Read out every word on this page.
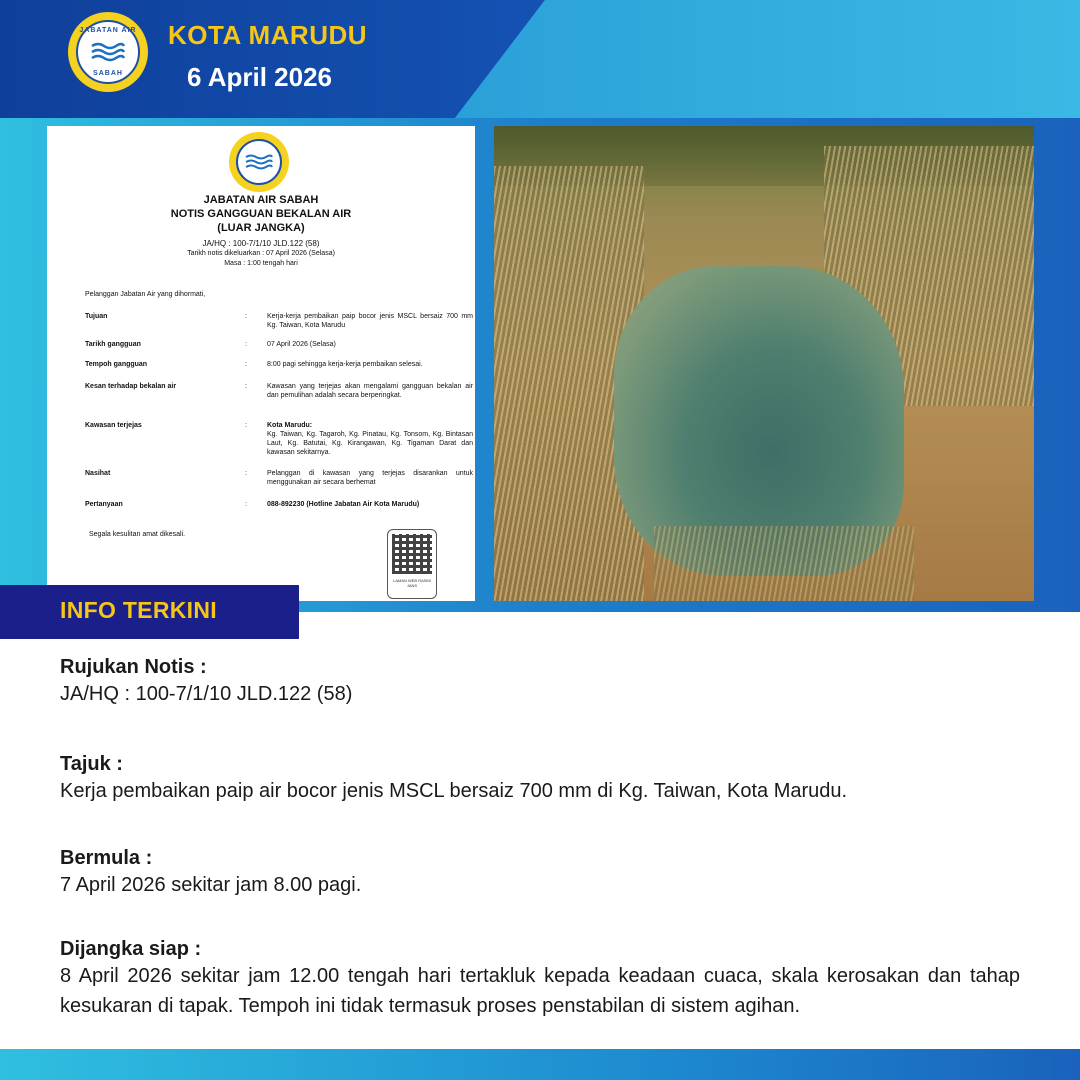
JABATAN AIR
SABAH
KOTA MARUDU
6 April 2026
JABATAN AIR SABAH
NOTIS GANGGUAN BEKALAN AIR
(LUAR JANGKA)
JA/HQ : 100-7/1/10 JLD.122 (58)
Tarikh notis dikeluarkan : 07 April 2026 (Selasa)
Masa : 1:00 tengah hari
Pelanggan Jabatan Air yang dihormati,
Tujuan	:	Kerja-kerja pembaikan paip bocor jenis MSCL bersaiz 700 mm Kg. Taiwan, Kota Marudu
Tarikh gangguan	:	07 April 2026 (Selasa)
Tempoh gangguan	:	8:00 pagi sehingga kerja-kerja pembaikan selesai.
Kesan terhadap bekalan air	:	Kawasan yang terjejas akan mengalami gangguan bekalan air dan pemulihan adalah secara berperingkat.
Kawasan terjejas	:	Kota Marudu:
Kg. Taiwan, Kg. Tagaroh, Kg. Pinatau, Kg. Tonsom, Kg. Bintasan Laut, Kg. Batutai, Kg. Kirangawan, Kg. Tigaman Darat dan kawasan sekitarnya.
Nasihat	:	Pelanggan di kawasan yang terjejas disarankan untuk menggunakan air secara berhemat
Pertanyaan	:	088-892230 (Hotline Jabatan Air Kota Marudu)
Segala kesulitan amat dikesali.
LAMAN WEB RASMI JANS
INFO TERKINI
Rujukan Notis :
JA/HQ : 100-7/1/10 JLD.122 (58)
Tajuk :
Kerja pembaikan paip air bocor jenis MSCL bersaiz 700 mm di Kg. Taiwan, Kota Marudu.
Bermula :
7 April 2026 sekitar jam 8.00 pagi.
Dijangka siap :
8 April 2026 sekitar jam 12.00 tengah hari tertakluk kepada keadaan cuaca, skala kerosakan dan tahap kesukaran di tapak. Tempoh ini tidak termasuk proses penstabilan di sistem agihan.
